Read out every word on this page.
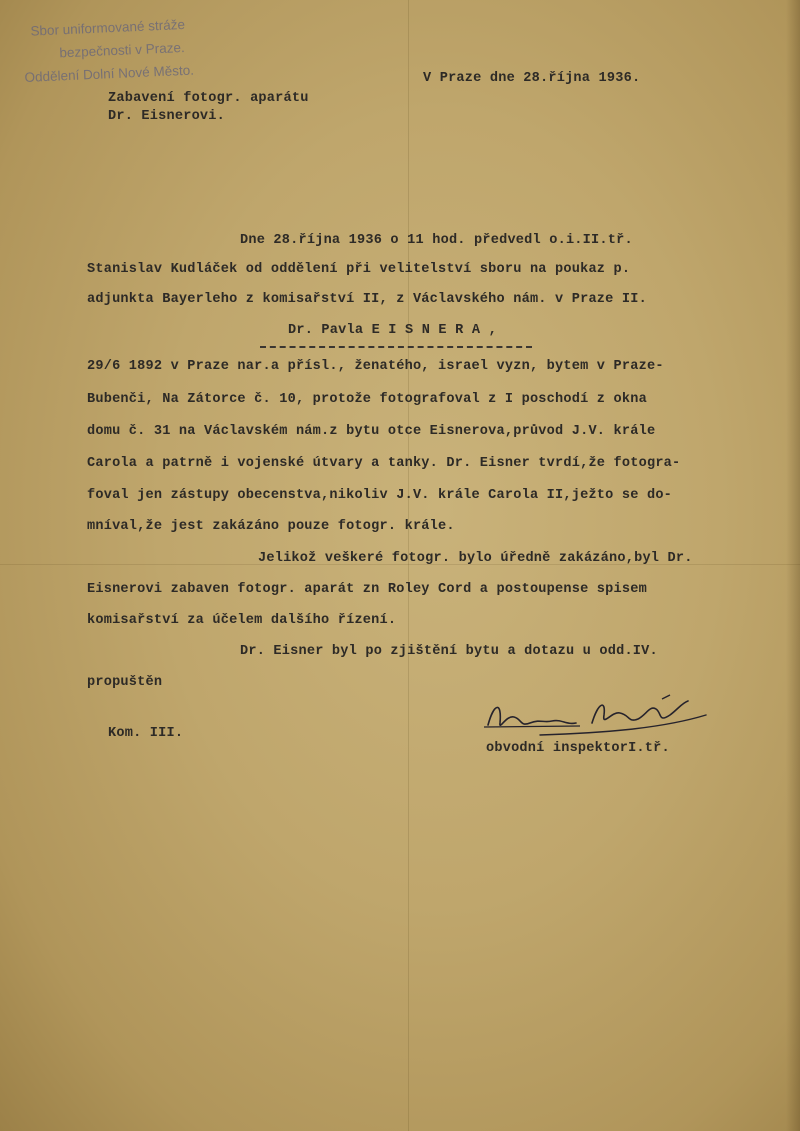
Sbor uniformované stráže
bezpečnosti v Praze.
Oddělení Dolní Nové Město.	V Praze dne 28.října 1936.
Zabavení fotogr. aparátu
Dr. Eisnerovi.
Dne 28.října 1936 o 11 hod. předvedl o.i.II.tř.
Stanislav Kudláček od oddělení při velitelství sboru na poukaz p.
adjunkta Bayerleho z komisařství II, z Václavského nám. v Praze II.
Dr. Pavla E I S N E R A ,
29/6 1892 v Praze nar.a přísl., ženatého, israel vyzn, bytem v Praze-
Bubenči, Na Zátorce č. 10, protože fotografoval z I poschodí z okna
domu č. 31 na Václavském nám.z bytu otce Eisnerova,průvod J.V. krále
Carola a patrně i vojenské útvary a tanky. Dr. Eisner tvrdí,že fotogra-
foval jen zástupy obecenstva,nikoliv J.V. krále Carola II,ježto se do-
mníval,že jest zakázáno pouze fotogr. krále.
Jelikož veškeré fotogr. bylo úředně zakázáno,byl Dr.
Eisnerovi zabaven fotogr. aparát zn Roley Cord a postoupense spisem
komisařství za účelem dalšího řízení.
Dr. Eisner byl po zjištění bytu a dotazu u odd.IV.
propuštěn
Kom. III.
obvodní inspektorI.tř.
